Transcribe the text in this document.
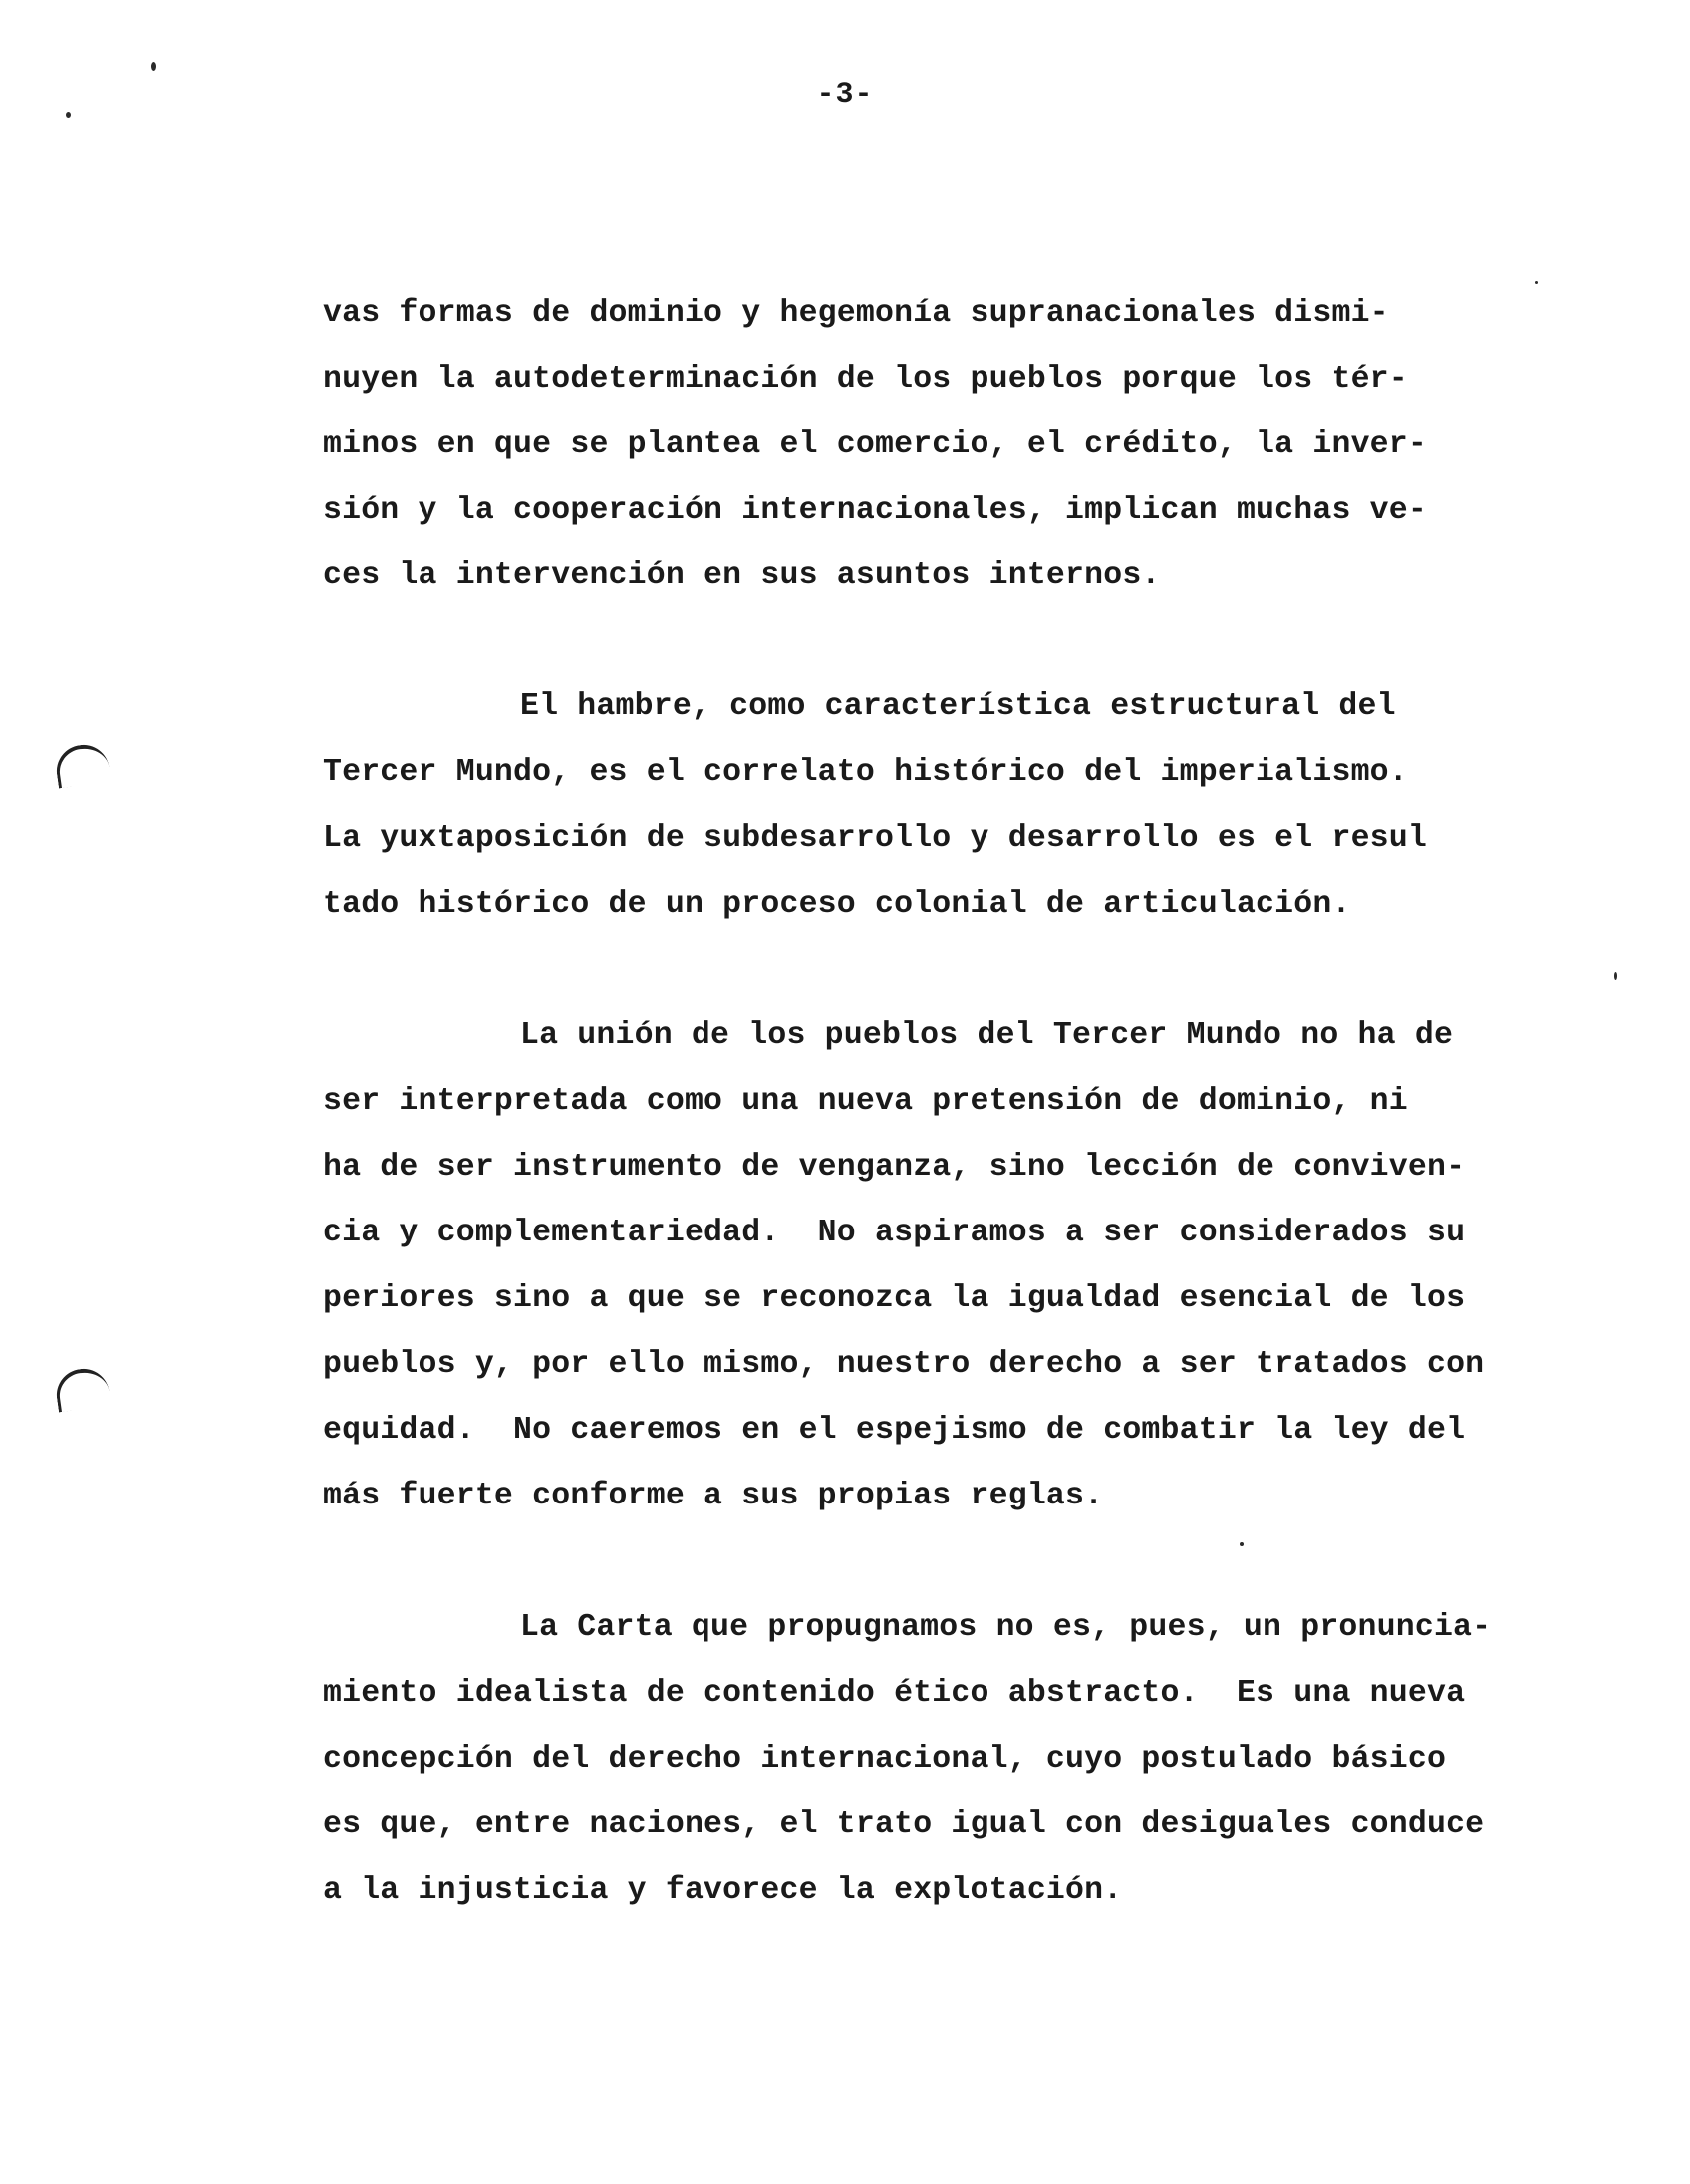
-3-
vas formas de dominio y hegemonía supranacionales dismi-
nuyen la autodeterminación de los pueblos porque los tér-
minos en que se plantea el comercio, el crédito, la inver-
sión y la cooperación internacionales, implican muchas ve-
ces la intervención en sus asuntos internos.
El hambre, como característica estructural del
Tercer Mundo, es el correlato histórico del imperialismo.
La yuxtaposición de subdesarrollo y desarrollo es el resul
tado histórico de un proceso colonial de articulación.
La unión de los pueblos del Tercer Mundo no ha de
ser interpretada como una nueva pretensión de dominio, ni
ha de ser instrumento de venganza, sino lección de conviven-
cia y complementariedad.  No aspiramos a ser considerados su
periores sino a que se reconozca la igualdad esencial de los
pueblos y, por ello mismo, nuestro derecho a ser tratados con
equidad.  No caeremos en el espejismo de combatir la ley del
más fuerte conforme a sus propias reglas.
La Carta que propugnamos no es, pues, un pronuncia-
miento idealista de contenido ético abstracto.  Es una nueva
concepción del derecho internacional, cuyo postulado básico
es que, entre naciones, el trato igual con desiguales conduce
a la injusticia y favorece la explotación.
